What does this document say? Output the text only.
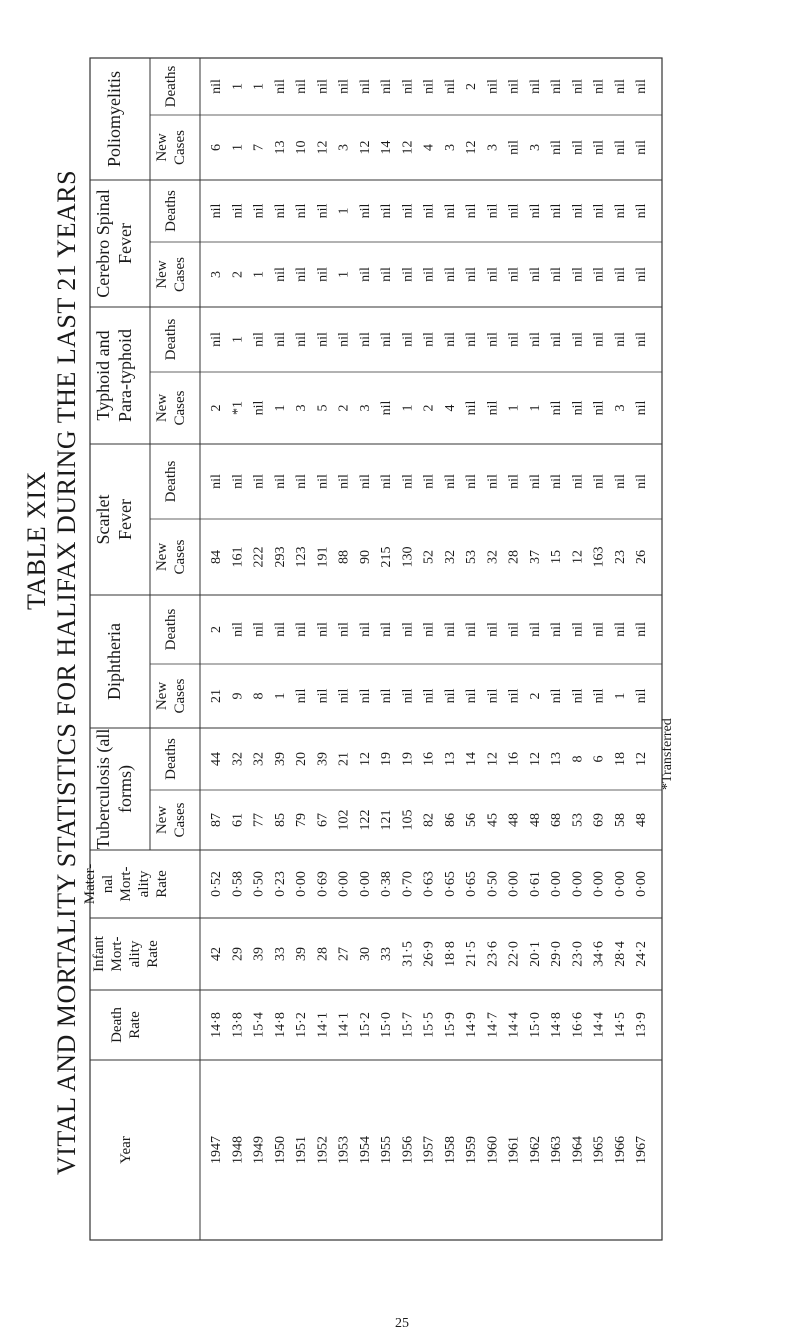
TABLE XIX VITAL AND MORTALITY STATISTICS FOR HALIFAX DURING THE LAST 21 YEARS
Poliomyelitis
Cerebro Spinal Fever
Typhoid and Para-typhoid
Scarlet Fever
Diphtheria
Tuberculosis (all forms)
Deaths
New Cases
Deaths
New Cases
Deaths
New Cases
Deaths
New Cases
Deaths
New Cases
Deaths
New Cases
Mater- nal Mort- ality Rate
Infant Mort- ality Rate
Death Rate
Year
nil
6
nil
3
nil
2
nil
84
2
21
44
87
0·52
42
14·8
1947
1
1
nil
2
1
*1
nil
161
nil
9
32
61
0·58
29
13·8
1948
1
7
nil
1
nil
nil
nil
222
nil
8
32
77
0·50
39
15·4
1949
nil
13
nil
nil
nil
1
nil
293
nil
1
39
85
0·23
33
14·8
1950
nil
10
nil
nil
nil
3
nil
123
nil
nil
20
79
0·00
39
15·2
1951
nil
12
nil
nil
nil
5
nil
191
nil
nil
39
67
0·69
28
14·1
1952
nil
3
1
1
nil
2
nil
88
nil
nil
21
102
0·00
27
14·1
1953
nil
12
nil
nil
nil
3
nil
90
nil
nil
12
122
0·00
30
15·2
1954
nil
14
nil
nil
nil
nil
nil
215
nil
nil
19
121
0·38
33
15·0
1955
nil
12
nil
nil
nil
1
nil
130
nil
nil
19
105
0·70
31·5
15·7
1956
nil
4
nil
nil
nil
2
nil
52
nil
nil
16
82
0·63
26·9
15·5
1957
nil
3
nil
nil
nil
4
nil
32
nil
nil
13
86
0·65
18·8
15·9
1958
2
12
nil
nil
nil
nil
nil
53
nil
nil
14
56
0·65
21·5
14·9
1959
nil
3
nil
nil
nil
nil
nil
32
nil
nil
12
45
0·50
23·6
14·7
1960
nil
nil
nil
nil
nil
1
nil
28
nil
nil
16
48
0·00
22·0
14·4
1961
nil
3
nil
nil
nil
1
nil
37
nil
2
12
48
0·61
20·1
15·0
1962
nil
nil
nil
nil
nil
nil
nil
15
nil
nil
13
68
0·00
29·0
14·8
1963
nil
nil
nil
nil
nil
nil
nil
12
nil
nil
8
53
0·00
23·0
16·6
1964
nil
nil
nil
nil
nil
nil
nil
163
nil
nil
6
69
0·00
34·6
14·4
1965
nil
nil
nil
nil
nil
3
nil
23
nil
1
18
58
0·00
28·4
14·5
1966
nil
nil
nil
nil
nil
nil
nil
26
nil
nil
12
48
0·00
24·2
13·9
1967
*Transferred
25
